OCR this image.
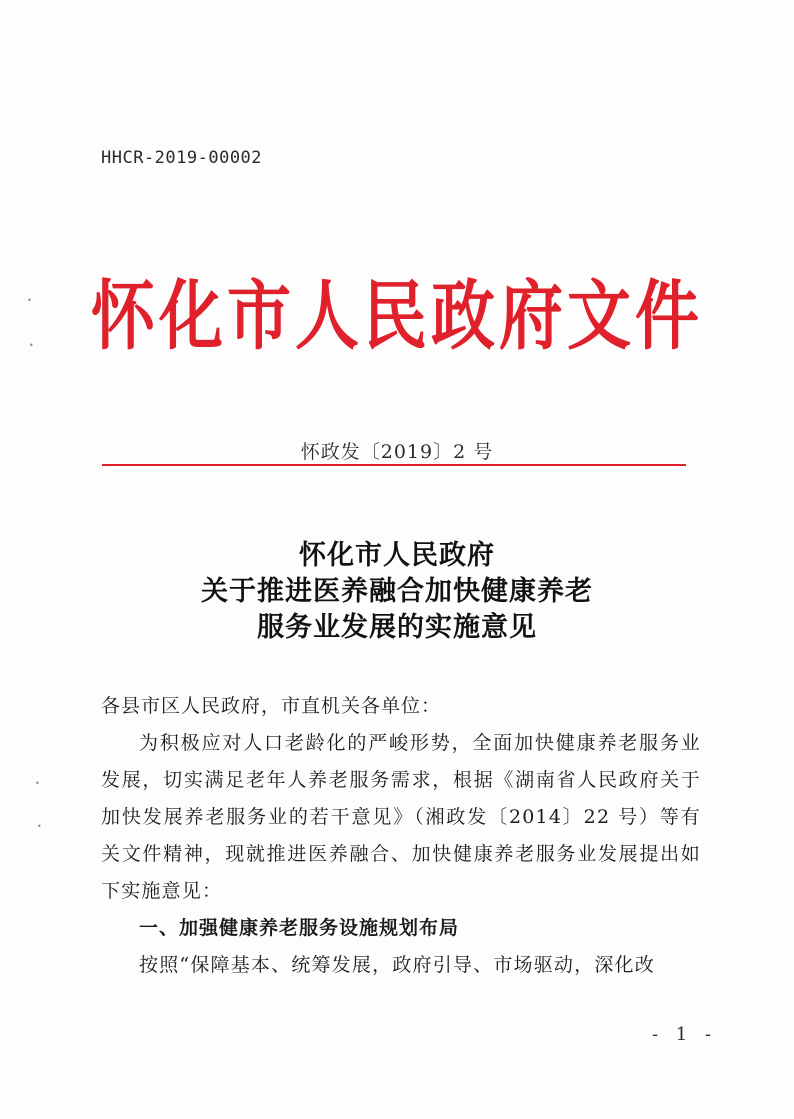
HHCR-2019-00002
怀化市人民政府文件
怀政发〔2019〕2 号
怀化市人民政府
关于推进医养融合加快健康养老
服务业发展的实施意见

各县市区人民政府，市直机关各单位：

为积极应对人口老龄化的严峻形势，全面加快健康养老服务业发展，切实满足老年人养老服务需求，根据《湖南省人民政府关于加快发展养老服务业的若干意见》（湘政发〔2014〕22 号）等有关文件精神，现就推进医养融合、加快健康养老服务业发展提出如下实施意见：

一、加强健康养老服务设施规划布局

按照“保障基本、统筹发展，政府引导、市场驱动，深化改

- 1 -
•
•
•
•
